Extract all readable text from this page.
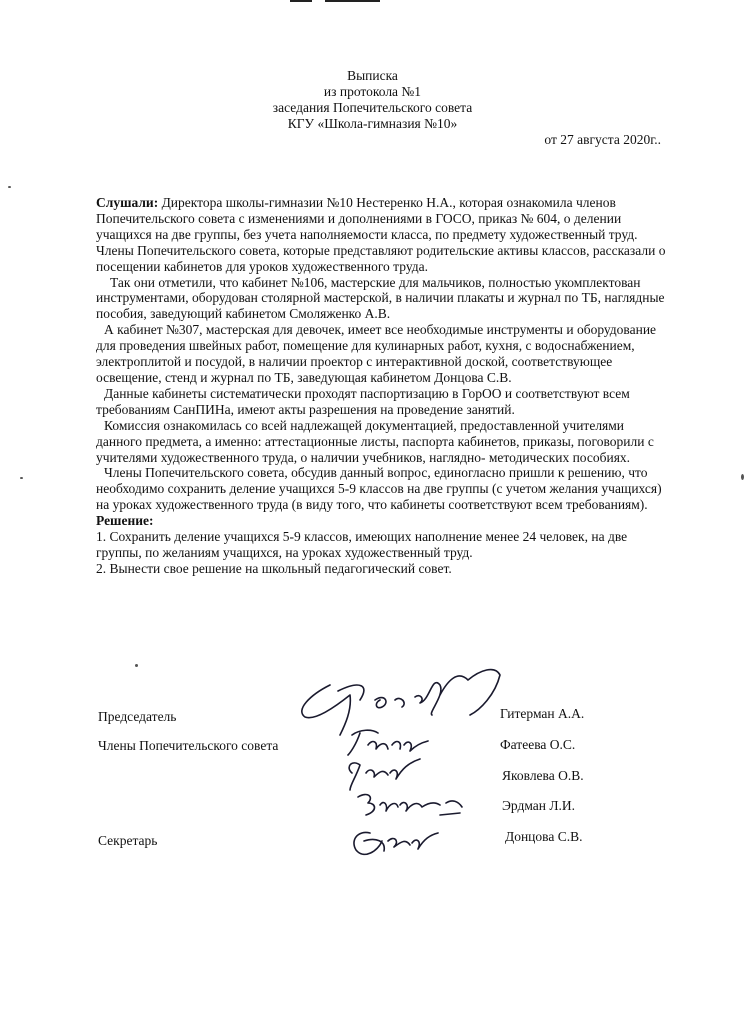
Выписка
из протокола №1
заседания Попечительского совета
КГУ «Школа-гимназия №10»
от 27 августа 2020г..

Слушали: Директора школы-гимназии №10 Нестеренко Н.А., которая ознакомила членов Попечительского совета с изменениями и дополнениями в ГОСО, приказ № 604, о делении учащихся на две группы, без учета наполняемости класса, по предмету художественный труд. Члены Попечительского совета, которые представляют родительские активы классов, рассказали о посещении кабинетов для уроков художественного труда.

Так они отметили, что кабинет №106, мастерские для мальчиков, полностью укомплектован инструментами, оборудован столярной мастерской, в наличии плакаты и журнал по ТБ, наглядные пособия, заведующий кабинетом Смоляженко А.В.

А кабинет №307, мастерская для девочек, имеет все необходимые инструменты и оборудование для проведения швейных работ, помещение для кулинарных работ, кухня, с водоснабжением, электроплитой и посудой, в наличии проектор с интерактивной доской, соответствующее освещение, стенд и журнал по ТБ, заведующая кабинетом Донцова С.В.

Данные кабинеты систематически проходят паспортизацию в ГорОО и соответствуют всем требованиям СанПИНа, имеют акты разрешения на проведение занятий.

Комиссия ознакомилась со всей надлежащей документацией, предоставленной учителями данного предмета, а именно: аттестационные листы, паспорта кабинетов, приказы, поговорили с учителями художественного труда, о наличии учебников, наглядно- методических пособиях.

Члены Попечительского совета, обсудив данный вопрос, единогласно пришли к решению, что необходимо сохранить деление учащихся 5-9 классов на две группы (с учетом желания учащихся) на уроках художественного труда (в виду того, что кабинеты соответствуют всем требованиям).

Решение:

1. Сохранить деление учащихся 5-9 классов, имеющих наполнение менее 24 человек, на две группы, по желаниям учащихся, на уроках художественный труд.

2. Вынести свое решение на школьный педагогический совет.

Председатель
Члены Попечительского совета
Секретарь
Гитерман А.А.
Фатеева О.С.
Яковлева О.В.
Эрдман Л.И.
Донцова С.В.
